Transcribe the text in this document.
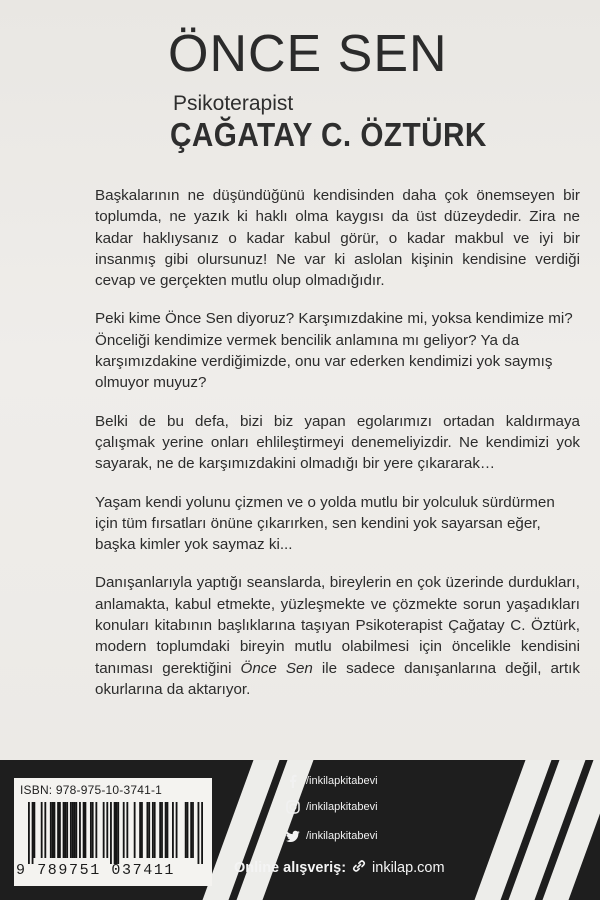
ÖNCE SEN
Psikoterapist
ÇAĞATAY C. ÖZTÜRK

Başkalarının ne düşündüğünü kendisinden daha çok önemseyen bir toplumda, ne yazık ki haklı olma kaygısı da üst düzeydedir. Zira ne kadar haklıysanız o kadar kabul görür, o kadar makbul ve iyi bir insanmış gibi olursunuz! Ne var ki aslolan kişinin kendisine verdiği cevap ve gerçekten mutlu olup olmadığıdır.

Peki kime Önce Sen diyoruz? Karşımızdakine mi, yoksa kendimize mi? Önceliği kendimize vermek bencilik anlamına mı geliyor? Ya da karşımızdakine verdiğimizde, onu var ederken kendimizi yok saymış olmuyor muyuz?

Belki de bu defa, bizi biz yapan egolarımızı ortadan kaldırmaya çalışmak yerine onları ehlileştirmeyi denemeliyizdir. Ne kendimizi yok sayarak, ne de karşımızdakini olmadığı bir yere çıkararak…

Yaşam kendi yolunu çizmen ve o yolda mutlu bir yolculuk sürdürmen için tüm fırsatları önüne çıkarırken, sen kendini yok sayarsan eğer, başka kimler yok saymaz ki...

Danışanlarıyla yaptığı seanslarda, bireylerin en çok üzerinde durdukları, anlamakta, kabul etmekte, yüzleşmekte ve çözmekte sorun yaşadıkları konuları kitabının başlıklarına taşıyan Psikoterapist Çağatay C. Öztürk, modern toplumdaki bireyin mutlu olabilmesi için öncelikle kendisini tanıması gerektiğini Önce Sen ile sadece danışanlarına değil, artık okurlarına da aktarıyor.

ISBN: 978-975-10-3741-1
9 789751 037411
/inkilapkitabevi
/inkilapkitabevi
/inkilapkitabevi
Online alışveriş: inkilap.com
